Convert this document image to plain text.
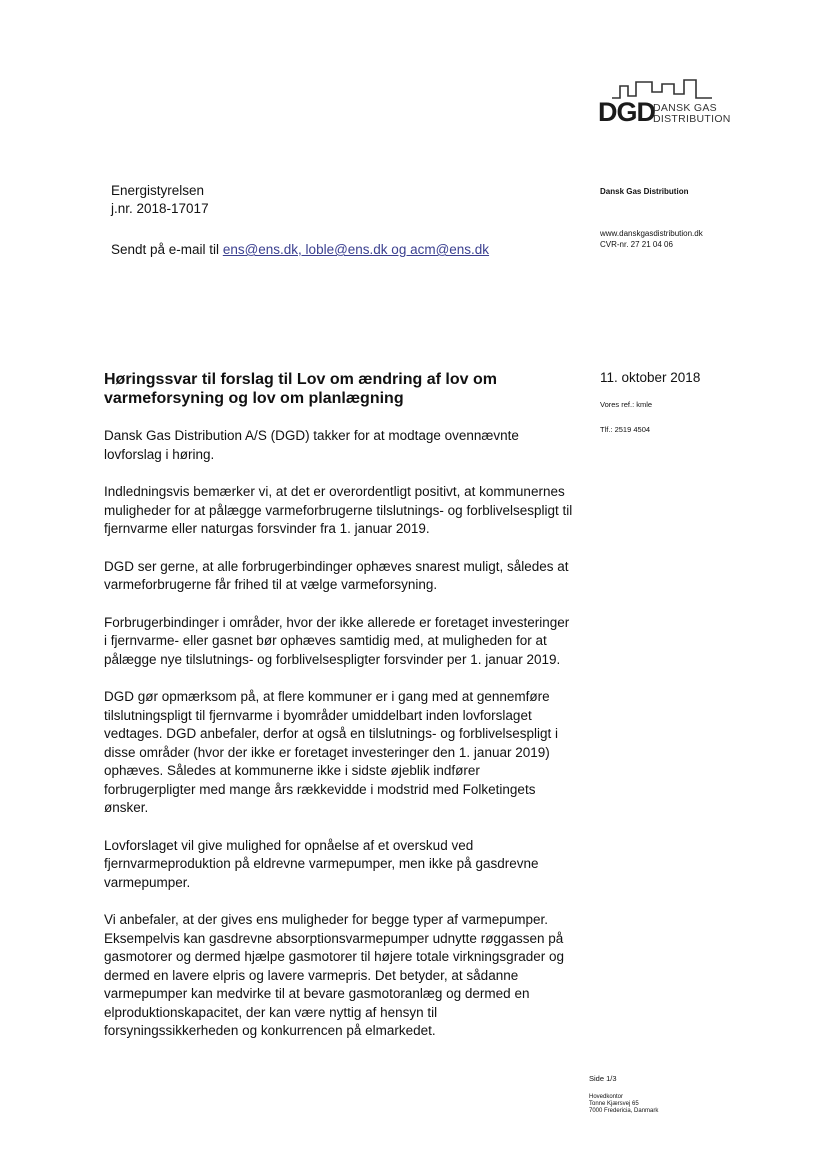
DGD
DANSK GAS
DISTRIBUTION
Energistyrelsen
j.nr. 2018-17017
Sendt på e-mail til ens@ens.dk, loble@ens.dk og acm@ens.dk
Dansk Gas Distribution
www.danskgasdistribution.dk
CVR-nr. 27 21 04 06
11. oktober 2018
Vores ref.: kmle
Tlf.: 2519 4504
Høringssvar til forslag til Lov om ændring af lov om varmeforsyning og lov om planlægning

Dansk Gas Distribution A/S (DGD) takker for at modtage ovennævnte lovforslag i høring.

Indledningsvis bemærker vi, at det er overordentligt positivt, at kommunernes muligheder for at pålægge varmeforbrugerne tilslutnings- og forblivelsespligt til fjernvarme eller naturgas forsvinder fra 1. januar 2019.

DGD ser gerne, at alle forbrugerbindinger ophæves snarest muligt, således at varmeforbrugerne får frihed til at vælge varmeforsyning.

Forbrugerbindinger i områder, hvor der ikke allerede er foretaget investeringer i fjernvarme- eller gasnet bør ophæves samtidig med, at muligheden for at pålægge nye tilslutnings- og forblivelsespligter forsvinder per 1. januar 2019.

DGD gør opmærksom på, at flere kommuner er i gang med at gennemføre tilslutningspligt til fjernvarme i byområder umiddelbart inden lovforslaget vedtages. DGD anbefaler, derfor at også en tilslutnings- og forblivelsespligt i disse områder (hvor der ikke er foretaget investeringer den 1. januar 2019) ophæves. Således at kommunerne ikke i sidste øjeblik indfører forbrugerpligter med mange års rækkevidde i modstrid med Folketingets ønsker.

Lovforslaget vil give mulighed for opnåelse af et overskud ved fjernvarmeproduktion på eldrevne varmepumper, men ikke på gasdrevne varmepumper.

Vi anbefaler, at der gives ens muligheder for begge typer af varmepumper. Eksempelvis kan gasdrevne absorptionsvarmepumper udnytte røggassen på gasmotorer og dermed hjælpe gasmotorer til højere totale virkningsgrader og dermed en lavere elpris og lavere varmepris. Det betyder, at sådanne varmepumper kan medvirke til at bevare gasmotoranlæg og dermed en elproduktionskapacitet, der kan være nyttig af hensyn til forsyningssikkerheden og konkurrencen på elmarkedet.

Side 1/3
Hovedkontor
Tonne Kjærsvej 65
7000 Fredericia, Danmark
